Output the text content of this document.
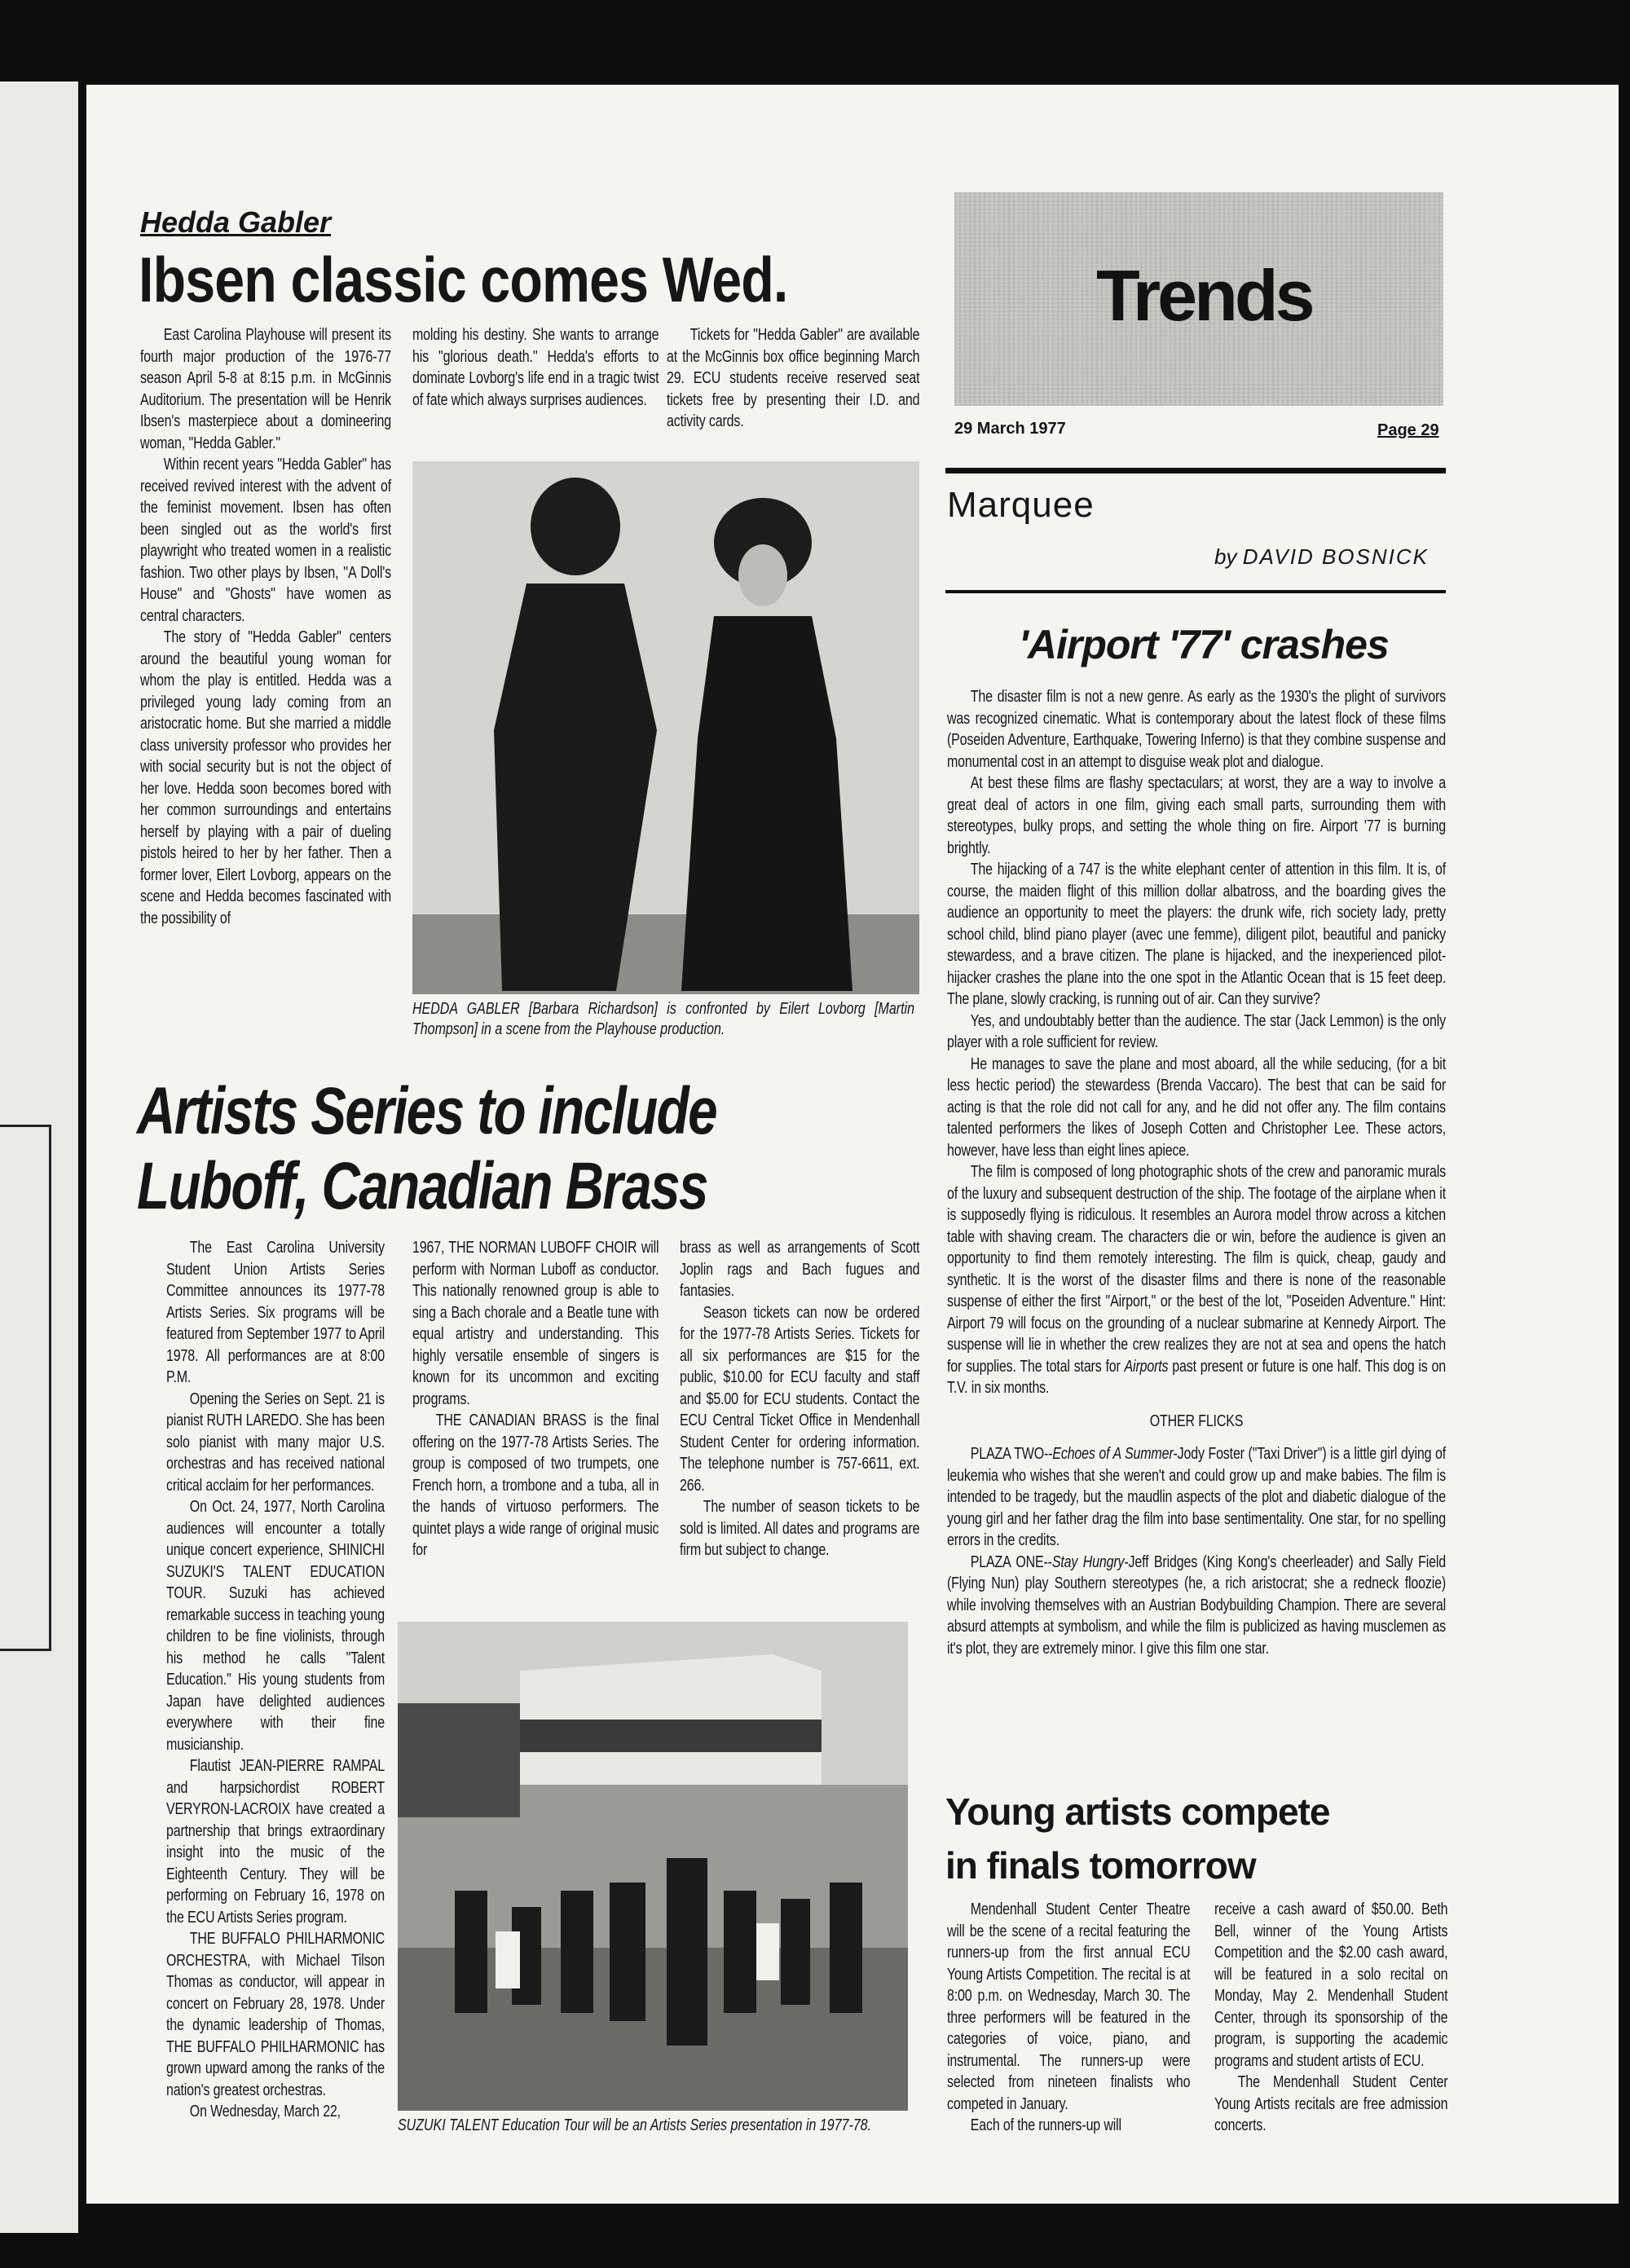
Hedda Gabler
Ibsen classic comes Wed.

East Carolina Playhouse will present its fourth major production of the 1976-77 season April 5-8 at 8:15 p.m. in McGinnis Auditorium. The presentation will be Henrik Ibsen's masterpiece about a domineering woman, ''Hedda Gabler.''

Within recent years ''Hedda Gabler'' has received revived interest with the advent of the feminist movement. Ibsen has often been singled out as the world's first playwright who treated women in a realistic fashion. Two other plays by Ibsen, ''A Doll's House'' and ''Ghosts'' have women as central characters.

The story of ''Hedda Gabler'' centers around the beautiful young woman for whom the play is entitled. Hedda was a privileged young lady coming from an aristocratic home. But she married a middle class university professor who provides her with social security but is not the object of her love. Hedda soon becomes bored with her common surroundings and entertains herself by playing with a pair of dueling pistols heired to her by her father. Then a former lover, Eilert Lovborg, appears on the scene and Hedda becomes fascinated with the possibility of

molding his destiny. She wants to arrange his ''glorious death.'' Hedda's efforts to dominate Lovborg's life end in a tragic twist of fate which always surprises audiences.

Tickets for ''Hedda Gabler'' are available at the McGinnis box office beginning March 29. ECU students receive reserved seat tickets free by presenting their I.D. and activity cards.

HEDDA GABLER [Barbara Richardson] is confronted by Eilert Lovborg [Martin Thompson] in a scene from the Playhouse production.
Trends
29 March 1977	Page 29
Marquee
by DAVID BOSNICK
'Airport '77' crashes

The disaster film is not a new genre. As early as the 1930's the plight of survivors was recognized cinematic. What is contemporary about the latest flock of these films (Poseiden Adventure, Earthquake, Towering Inferno) is that they combine suspense and monumental cost in an attempt to disguise weak plot and dialogue.

At best these films are flashy spectaculars; at worst, they are a way to involve a great deal of actors in one film, giving each small parts, surrounding them with stereotypes, bulky props, and setting the whole thing on fire. Airport '77 is burning brightly.

The hijacking of a 747 is the white elephant center of attention in this film. It is, of course, the maiden flight of this million dollar albatross, and the boarding gives the audience an opportunity to meet the players: the drunk wife, rich society lady, pretty school child, blind piano player (avec une femme), diligent pilot, beautiful and panicky stewardess, and a brave citizen. The plane is hijacked, and the inexperienced pilot-hijacker crashes the plane into the one spot in the Atlantic Ocean that is 15 feet deep. The plane, slowly cracking, is running out of air. Can they survive?

Yes, and undoubtably better than the audience. The star (Jack Lemmon) is the only player with a role sufficient for review.

He manages to save the plane and most aboard, all the while seducing, (for a bit less hectic period) the stewardess (Brenda Vaccaro). The best that can be said for acting is that the role did not call for any, and he did not offer any. The film contains talented performers the likes of Joseph Cotten and Christopher Lee. These actors, however, have less than eight lines apiece.

The film is composed of long photographic shots of the crew and panoramic murals of the luxury and subsequent destruction of the ship. The footage of the airplane when it is supposedly flying is ridiculous. It resembles an Aurora model throw across a kitchen table with shaving cream. The characters die or win, before the audience is given an opportunity to find them remotely interesting. The film is quick, cheap, gaudy and synthetic. It is the worst of the disaster films and there is none of the reasonable suspense of either the first ''Airport,'' or the best of the lot, ''Poseiden Adventure.'' Hint: Airport 79 will focus on the grounding of a nuclear submarine at Kennedy Airport. The suspense will lie in whether the crew realizes they are not at sea and opens the hatch for supplies. The total stars for Airports past present or future is one half. This dog is on T.V. in six months.

OTHER FLICKS

PLAZA TWO--Echoes of A Summer-Jody Foster (''Taxi Driver'') is a little girl dying of leukemia who wishes that she weren't and could grow up and make babies. The film is intended to be tragedy, but the maudlin aspects of the plot and diabetic dialogue of the young girl and her father drag the film into base sentimentality. One star, for no spelling errors in the credits.

PLAZA ONE--Stay Hungry-Jeff Bridges (King Kong's cheerleader) and Sally Field (Flying Nun) play Southern stereotypes (he, a rich aristocrat; she a redneck floozie) while involving themselves with an Austrian Bodybuilding Champion. There are several absurd attempts at symbolism, and while the film is publicized as having musclemen as it's plot, they are extremely minor. I give this film one star.

Young artists compete
in finals tomorrow

Mendenhall Student Center Theatre will be the scene of a recital featuring the runners-up from the first annual ECU Young Artists Competition. The recital is at 8:00 p.m. on Wednesday, March 30. The three performers will be featured in the categories of voice, piano, and instrumental. The runners-up were selected from nineteen finalists who competed in January.

Each of the runners-up will

receive a cash award of $50.00. Beth Bell, winner of the Young Artists Competition and the $2.00 cash award, will be featured in a solo recital on Monday, May 2. Mendenhall Student Center, through its sponsorship of the program, is supporting the academic programs and student artists of ECU.

The Mendenhall Student Center Young Artists recitals are free admission concerts.

Artists Series to include
Luboff, Canadian Brass

The East Carolina University Student Union Artists Series Committee announces its 1977-78 Artists Series. Six programs will be featured from September 1977 to April 1978. All performances are at 8:00 P.M.

Opening the Series on Sept. 21 is pianist RUTH LAREDO. She has been solo pianist with many major U.S. orchestras and has received national critical acclaim for her performances.

On Oct. 24, 1977, North Carolina audiences will encounter a totally unique concert experience, SHINICHI SUZUKI'S TALENT EDUCATION TOUR. Suzuki has achieved remarkable success in teaching young children to be fine violinists, through his method he calls ''Talent Education.'' His young students from Japan have delighted audiences everywhere with their fine musicianship.

Flautist JEAN-PIERRE RAMPAL and harpsichordist ROBERT VERYRON-LACROIX have created a partnership that brings extraordinary insight into the music of the Eighteenth Century. They will be performing on February 16, 1978 on the ECU Artists Series program.

THE BUFFALO PHILHARMONIC ORCHESTRA, with Michael Tilson Thomas as conductor, will appear in concert on February 28, 1978. Under the dynamic leadership of Thomas, THE BUFFALO PHILHARMONIC has grown upward among the ranks of the nation's greatest orchestras.

On Wednesday, March 22,

1967, THE NORMAN LUBOFF CHOIR will perform with Norman Luboff as conductor. This nationally renowned group is able to sing a Bach chorale and a Beatle tune with equal artistry and understanding. This highly versatile ensemble of singers is known for its uncommon and exciting programs.

THE CANADIAN BRASS is the final offering on the 1977-78 Artists Series. The group is composed of two trumpets, one French horn, a trombone and a tuba, all in the hands of virtuoso performers. The quintet plays a wide range of original music for

brass as well as arrangements of Scott Joplin rags and Bach fugues and fantasies.

Season tickets can now be ordered for the 1977-78 Artists Series. Tickets for all six performances are $15 for the public, $10.00 for ECU faculty and staff and $5.00 for ECU students. Contact the ECU Central Ticket Office in Mendenhall Student Center for ordering information. The telephone number is 757-6611, ext. 266.

The number of season tickets to be sold is limited. All dates and programs are firm but subject to change.

SUZUKI TALENT Education Tour will be an Artists Series presentation in 1977-78.
